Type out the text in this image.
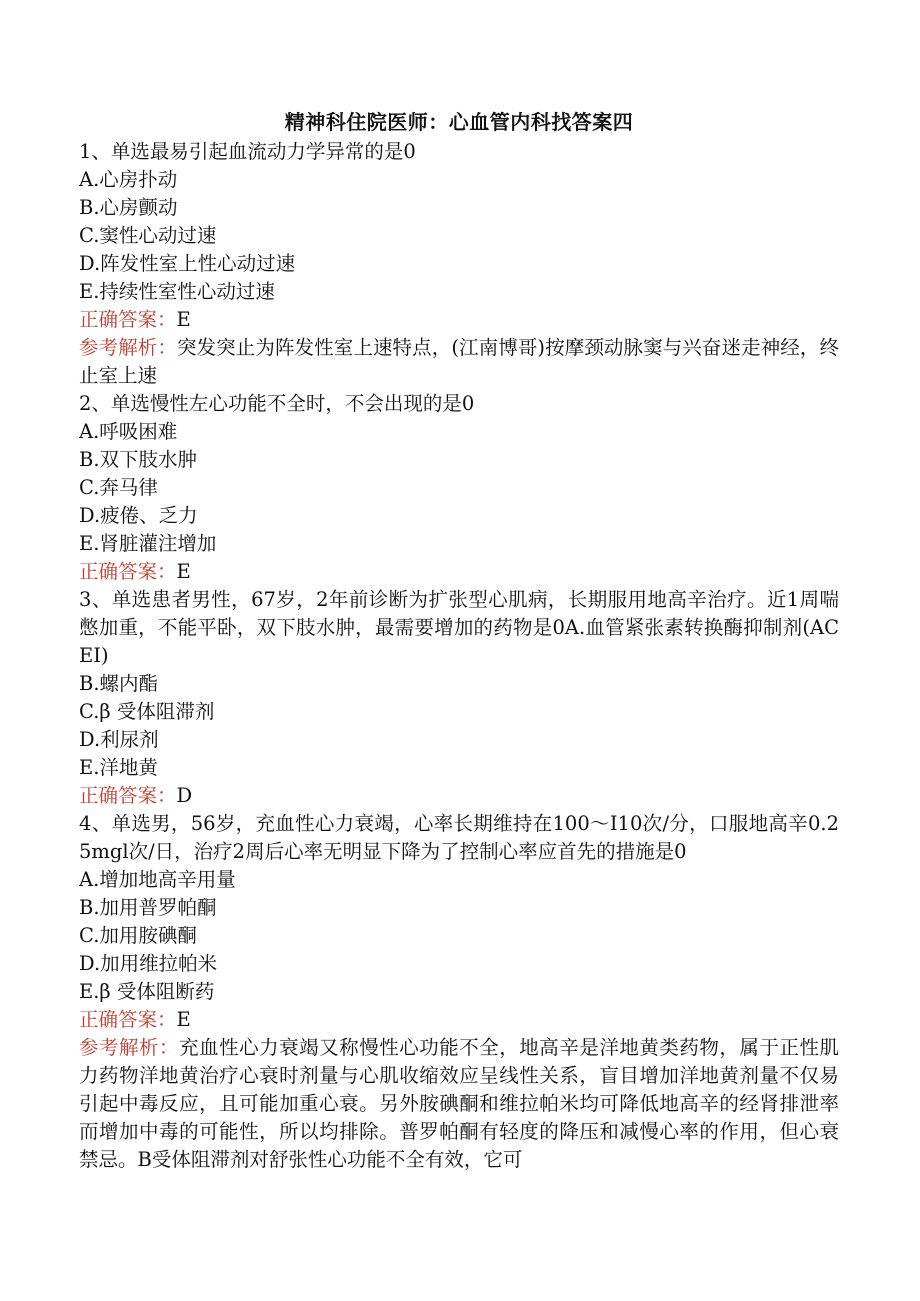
精神科住院医师：心血管内科找答案四

1、单选最易引起血流动力学异常的是0

A.心房扑动

B.心房颤动

C.窦性心动过速

D.阵发性室上性心动过速

E.持续性室性心动过速

正确答案：E

参考解析：突发突止为阵发性室上速特点，(江南博哥)按摩颈动脉窦与兴奋迷走神经，终止室上速

2、单选慢性左心功能不全时，不会出现的是0

A.呼吸困难

B.双下肢水肿

C.奔马律

D.疲倦、乏力

E.肾脏灌注增加

正确答案：E

3、单选患者男性，67岁，2年前诊断为扩张型心肌病，长期服用地高辛治疗。近1周喘憋加重，不能平卧，双下肢水肿，最需要增加的药物是0A.血管紧张素转换酶抑制剂(ACEI)

B.螺内酯

C.β 受体阻滞剂

D.利尿剂

E.洋地黄

正确答案：D

4、单选男，56岁，充血性心力衰竭，心率长期维持在100～I10次/分，口服地高辛0.25mgl次/日，治疗2周后心率无明显下降为了控制心率应首先的措施是0

A.增加地高辛用量

B.加用普罗帕酮

C.加用胺碘酮

D.加用维拉帕米

E.β 受体阻断药

正确答案：E

参考解析：充血性心力衰竭又称慢性心功能不全，地高辛是洋地黄类药物，属于正性肌力药物洋地黄治疗心衰时剂量与心肌收缩效应呈线性关系，盲目增加洋地黄剂量不仅易引起中毒反应，且可能加重心衰。另外胺碘酮和维拉帕米均可降低地高辛的经肾排泄率而增加中毒的可能性，所以均排除。普罗帕酮有轻度的降压和减慢心率的作用，但心衰禁忌。B受体阻滞剂对舒张性心功能不全有效，它可
